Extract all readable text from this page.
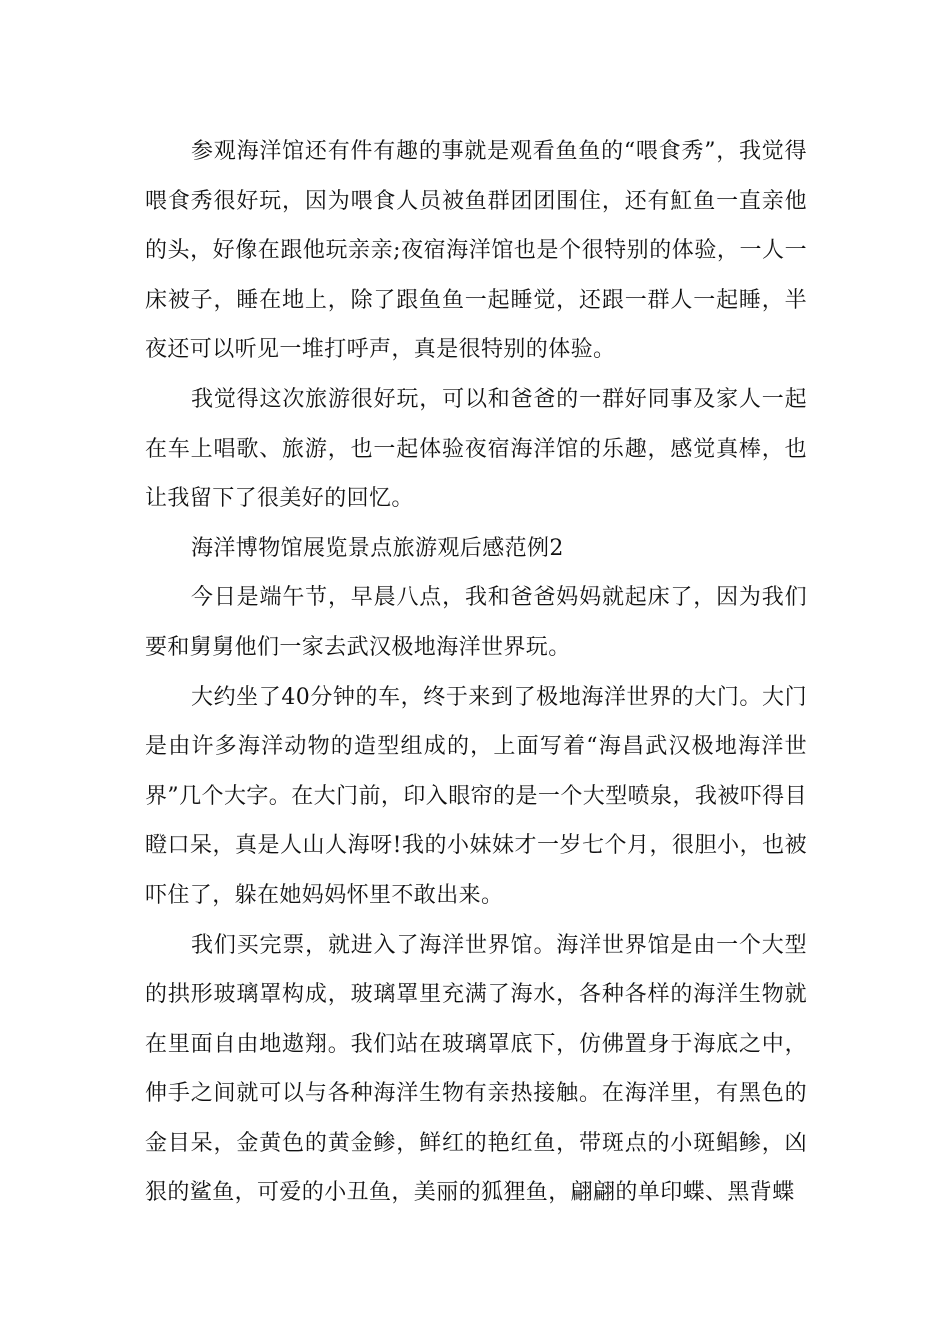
参观海洋馆还有件有趣的事就是观看鱼鱼的“喂食秀”，我觉得喂食秀很好玩，因为喂食人员被鱼群团团围住，还有魟鱼一直亲他的头，好像在跟他玩亲亲;夜宿海洋馆也是个很特别的体验，一人一床被子，睡在地上，除了跟鱼鱼一起睡觉，还跟一群人一起睡，半夜还可以听见一堆打呼声，真是很特别的体验。

我觉得这次旅游很好玩，可以和爸爸的一群好同事及家人一起在车上唱歌、旅游，也一起体验夜宿海洋馆的乐趣，感觉真棒，也让我留下了很美好的回忆。

海洋博物馆展览景点旅游观后感范例2

今日是端午节，早晨八点，我和爸爸妈妈就起床了，因为我们要和舅舅他们一家去武汉极地海洋世界玩。

大约坐了40分钟的车，终于来到了极地海洋世界的大门。大门是由许多海洋动物的造型组成的，上面写着“海昌武汉极地海洋世界”几个大字。在大门前，印入眼帘的是一个大型喷泉，我被吓得目瞪口呆，真是人山人海呀!我的小妹妹才一岁七个月，很胆小，也被吓住了，躲在她妈妈怀里不敢出来。

我们买完票，就进入了海洋世界馆。海洋世界馆是由一个大型的拱形玻璃罩构成，玻璃罩里充满了海水，各种各样的海洋生物就在里面自由地遨翔。我们站在玻璃罩底下，仿佛置身于海底之中，伸手之间就可以与各种海洋生物有亲热接触。在海洋里，有黑色的金目呆，金黄色的黄金鲹，鲜红的艳红鱼，带斑点的小斑鲳鲹，凶狠的鲨鱼，可爱的小丑鱼，美丽的狐狸鱼，翩翩的单印蝶、黑背蝶
